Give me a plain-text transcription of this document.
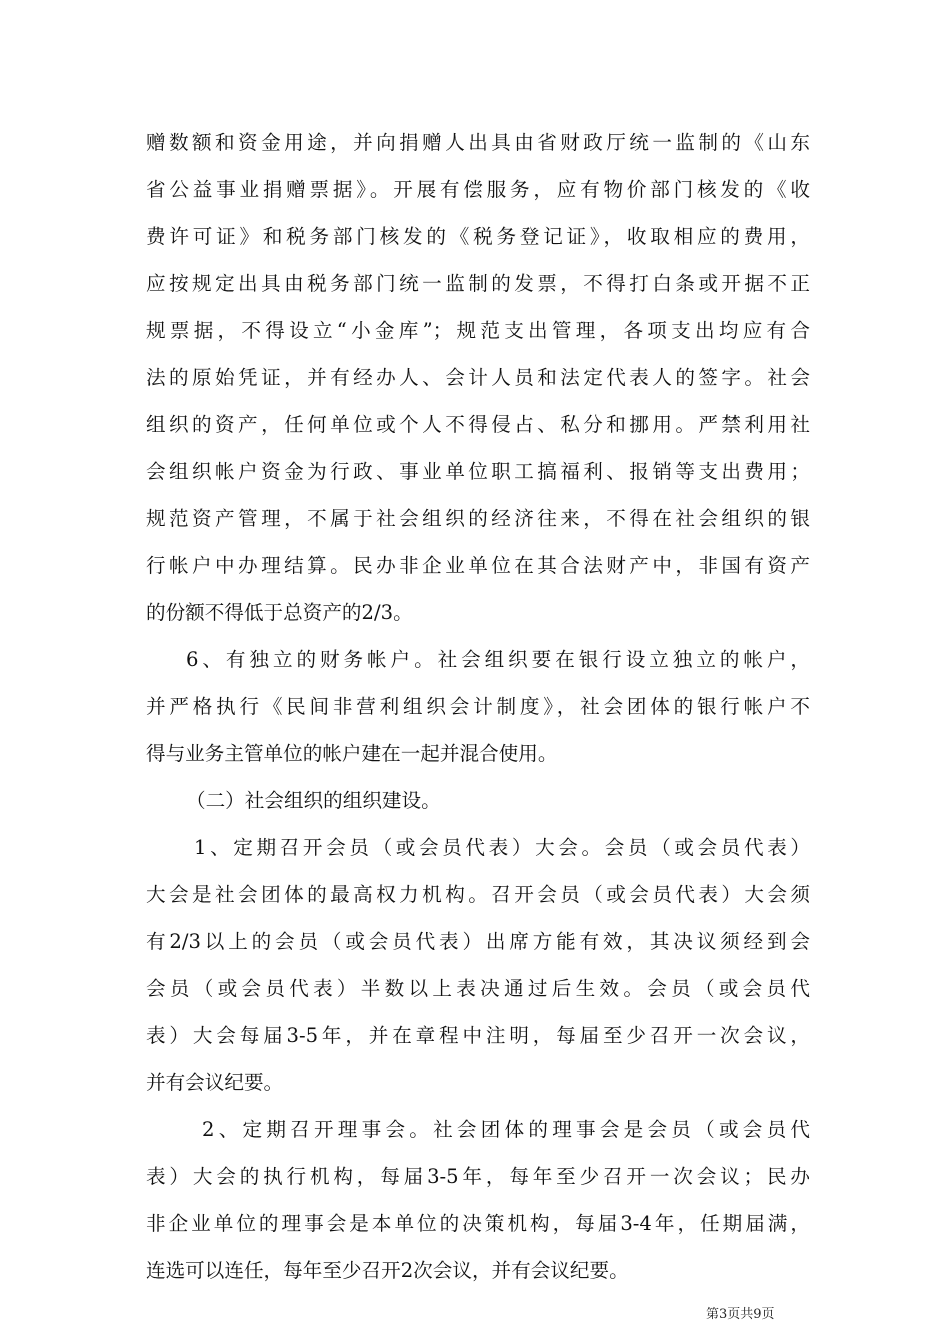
赠数额和资金用途，并向捐赠人出具由省财政厅统一监制的《山东
省公益事业捐赠票据》。开展有偿服务，应有物价部门核发的《收
费许可证》和税务部门核发的《税务登记证》，收取相应的费用，
应按规定出具由税务部门统一监制的发票，不得打白条或开据不正
规票据，不得设立“小金库”；规范支出管理，各项支出均应有合
法的原始凭证，并有经办人、会计人员和法定代表人的签字。社会
组织的资产，任何单位或个人不得侵占、私分和挪用。严禁利用社
会组织帐户资金为行政、事业单位职工搞福利、报销等支出费用；
规范资产管理，不属于社会组织的经济往来，不得在社会组织的银
行帐户中办理结算。民办非企业单位在其合法财产中，非国有资产
的份额不得低于总资产的2/3。
6、有独立的财务帐户。社会组织要在银行设立独立的帐户，
并严格执行《民间非营利组织会计制度》，社会团体的银行帐户不
得与业务主管单位的帐户建在一起并混合使用。
（二）社会组织的组织建设。
1、定期召开会员（或会员代表）大会。会员（或会员代表）
大会是社会团体的最高权力机构。召开会员（或会员代表）大会须
有2/3以上的会员（或会员代表）出席方能有效，其决议须经到会
会员（或会员代表）半数以上表决通过后生效。会员（或会员代
表）大会每届3-5年，并在章程中注明，每届至少召开一次会议，
并有会议纪要。
2、定期召开理事会。社会团体的理事会是会员（或会员代
表）大会的执行机构，每届3-5年，每年至少召开一次会议；民办
非企业单位的理事会是本单位的决策机构，每届3-4年，任期届满，
连选可以连任，每年至少召开2次会议，并有会议纪要。
第3页共9页
